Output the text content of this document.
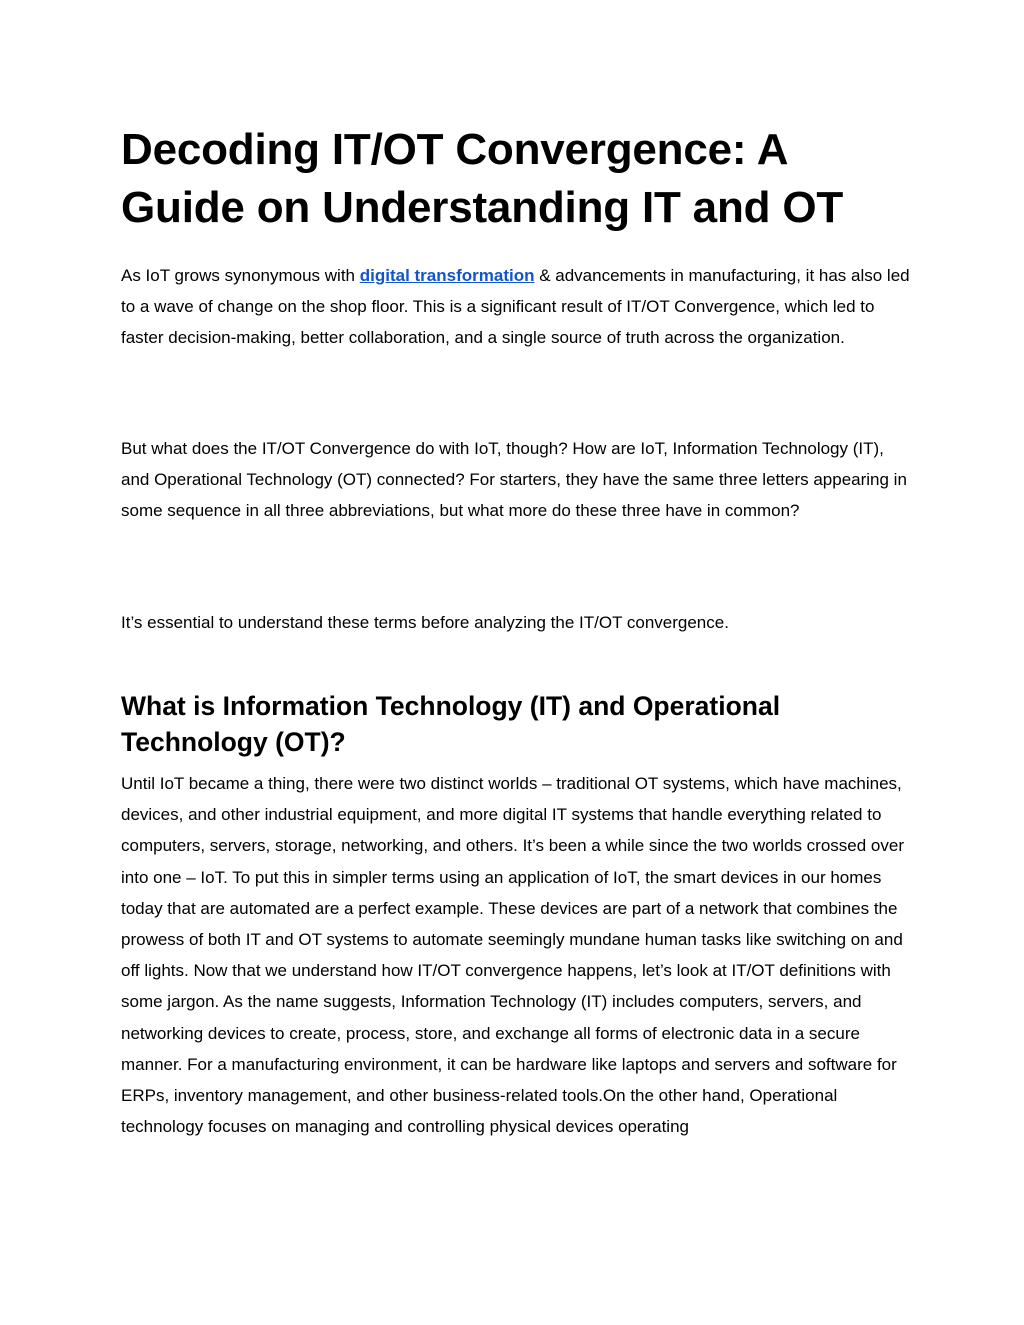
Decoding IT/OT Convergence: A Guide on Understanding IT and OT

As IoT grows synonymous with digital transformation & advancements in manufacturing, it has also led to a wave of change on the shop floor. This is a significant result of IT/OT Convergence, which led to faster decision-making, better collaboration, and a single source of truth across the organization.

But what does the IT/OT Convergence do with IoT, though? How are IoT, Information Technology (IT), and Operational Technology (OT) connected? For starters, they have the same three letters appearing in some sequence in all three abbreviations, but what more do these three have in common?

It’s essential to understand these terms before analyzing the IT/OT convergence.

What is Information Technology (IT) and Operational Technology (OT)?

Until IoT became a thing, there were two distinct worlds – traditional OT systems, which have machines, devices, and other industrial equipment, and more digital IT systems that handle everything related to computers, servers, storage, networking, and others. It’s been a while since the two worlds crossed over into one – IoT. To put this in simpler terms using an application of IoT, the smart devices in our homes today that are automated are a perfect example. These devices are part of a network that combines the prowess of both IT and OT systems to automate seemingly mundane human tasks like switching on and off lights. Now that we understand how IT/OT convergence happens, let’s look at IT/OT definitions with some jargon. As the name suggests, Information Technology (IT) includes computers, servers, and networking devices to create, process, store, and exchange all forms of electronic data in a secure manner. For a manufacturing environment, it can be hardware like laptops and servers and software for ERPs, inventory management, and other business-related tools.On the other hand, Operational technology focuses on managing and controlling physical devices operating
